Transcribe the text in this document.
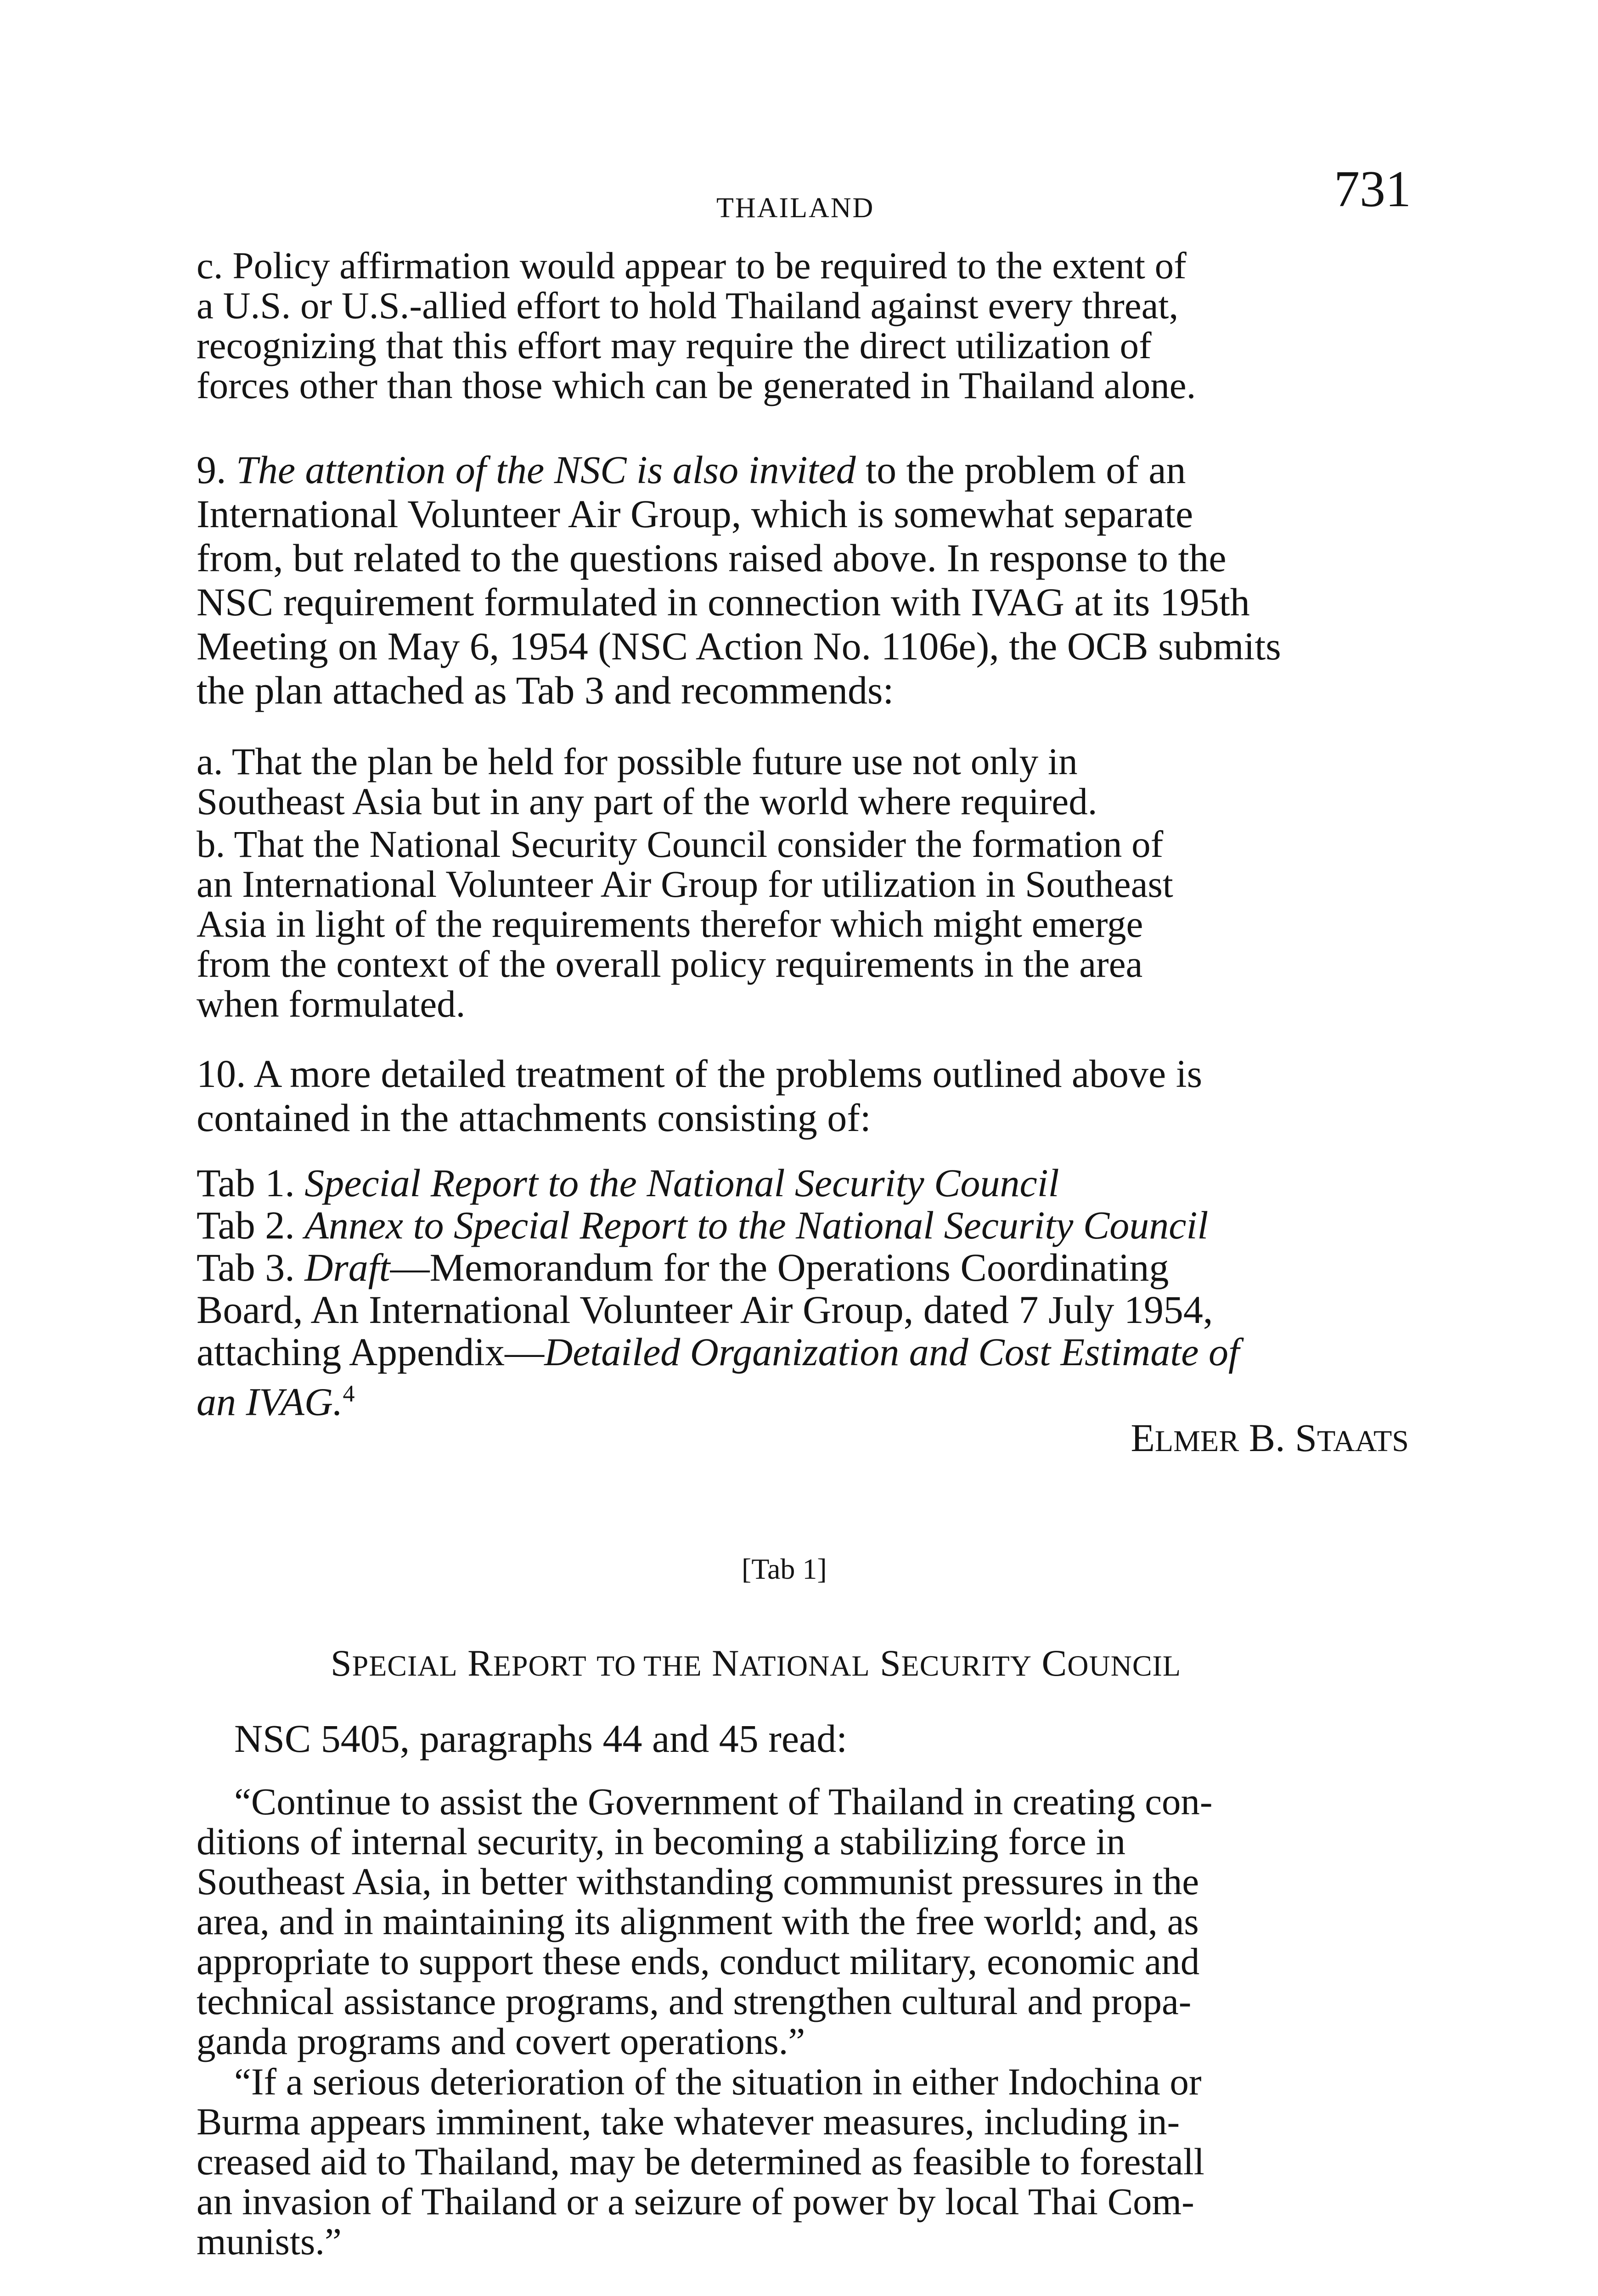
THAILAND	731
c. Policy affirmation would appear to be required to the extent of
a U.S. or U.S.-allied effort to hold Thailand against every threat,
recognizing that this effort may require the direct utilization of
forces other than those which can be generated in Thailand alone.
9. The attention of the NSC is also invited to the problem of an
International Volunteer Air Group, which is somewhat separate
from, but related to the questions raised above. In response to the
NSC requirement formulated in connection with IVAG at its 195th
Meeting on May 6, 1954 (NSC Action No. 1106e), the OCB submits
the plan attached as Tab 3 and recommends:
a. That the plan be held for possible future use not only in
Southeast Asia but in any part of the world where required.
b. That the National Security Council consider the formation of
an International Volunteer Air Group for utilization in Southeast
Asia in light of the requirements therefor which might emerge
from the context of the overall policy requirements in the area
when formulated.
10. A more detailed treatment of the problems outlined above is
contained in the attachments consisting of:
Tab 1. Special Report to the National Security Council
Tab 2. Annex to Special Report to the National Security Council
Tab 3. Draft—Memorandum for the Operations Coordinating
Board, An International Volunteer Air Group, dated 7 July 1954,
attaching Appendix—Detailed Organization and Cost Estimate of
an IVAG.$^4$
ELMER B. STAATS
[Tab 1]
SPECIAL REPORT TO THE NATIONAL SECURITY COUNCIL
NSC 5405, paragraphs 44 and 45 read:
“Continue to assist the Government of Thailand in creating con-
ditions of internal security, in becoming a stabilizing force in
Southeast Asia, in better withstanding communist pressures in the
area, and in maintaining its alignment with the free world; and, as
appropriate to support these ends, conduct military, economic and
technical assistance programs, and strengthen cultural and propa-
ganda programs and covert operations.”
“If a serious deterioration of the situation in either Indochina or
Burma appears imminent, take whatever measures, including in-
creased aid to Thailand, may be determined as feasible to forestall
an invasion of Thailand or a seizure of power by local Thai Com-
munists.”
